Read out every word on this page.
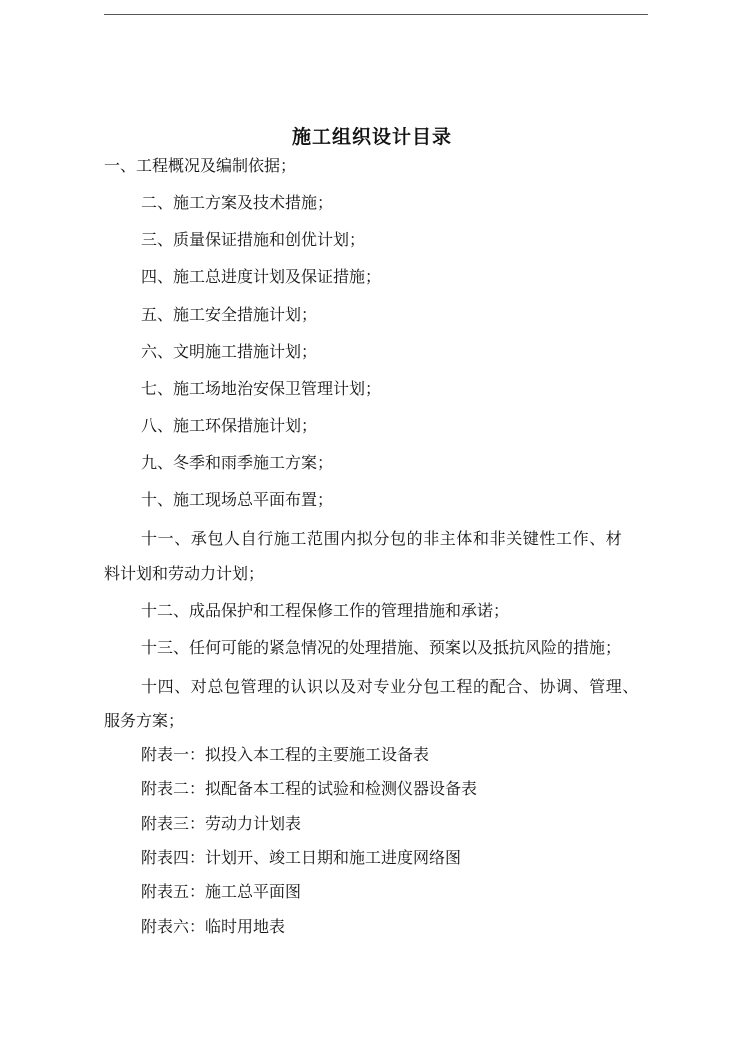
施工组织设计目录
一、工程概况及编制依据；
二、施工方案及技术措施；
三、质量保证措施和创优计划；
四、施工总进度计划及保证措施；
五、施工安全措施计划；
六、文明施工措施计划；
七、施工场地治安保卫管理计划；
八、施工环保措施计划；
九、冬季和雨季施工方案；
十、施工现场总平面布置；
十一、承包人自行施工范围内拟分包的非主体和非关键性工作、材
料计划和劳动力计划；
十二、成品保护和工程保修工作的管理措施和承诺；
十三、任何可能的紧急情况的处理措施、预案以及抵抗风险的措施；
十四、对总包管理的认识以及对专业分包工程的配合、协调、管理、
服务方案；
附表一：拟投入本工程的主要施工设备表
附表二：拟配备本工程的试验和检测仪器设备表
附表三：劳动力计划表
附表四：计划开、竣工日期和施工进度网络图
附表五：施工总平面图
附表六：临时用地表
